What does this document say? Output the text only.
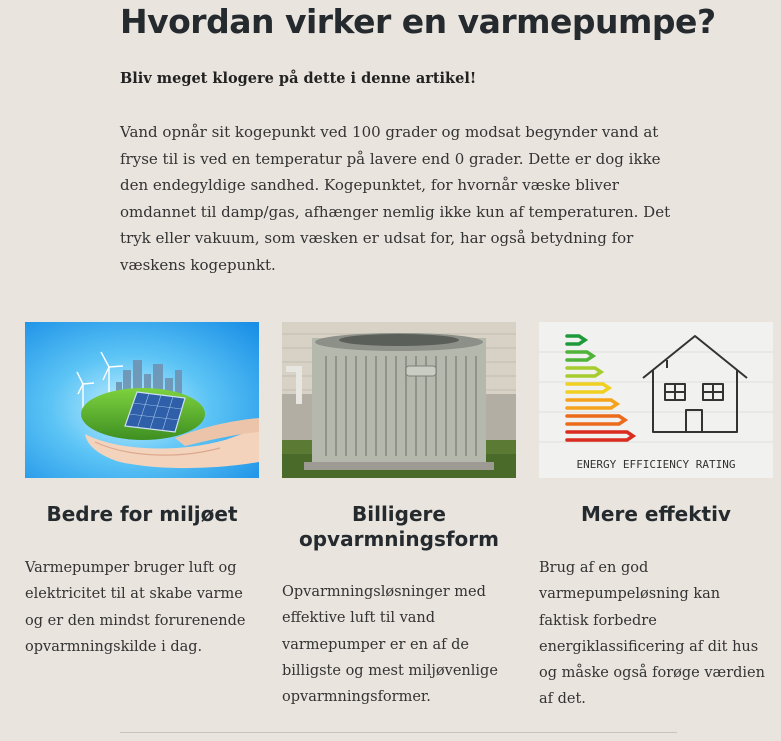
Hvordan virker en varmepumpe?

Bliv meget klogere på dette i denne artikel!

Vand opnår sit kogepunkt ved 100 grader og modsat begynder vand at fryse til is ved en temperatur på lavere end 0 grader. Dette er dog ikke den endegyldige sandhed. Kogepunktet, for hvornår væske bliver omdannet til damp/gas, afhænger nemlig ikke kun af temperaturen. Det tryk eller vakuum, som væsken er udsat for, har også betydning for væskens kogepunkt.

Bedre for miljøet

Varmepumper bruger luft og elektricitet til at skabe varme og er den mindst forurenende opvarmningskilde i dag.

Billigere opvarmningsform

Opvarmningsløsninger med effektive luft til vand varmepumper er en af de billigste og mest miljøvenlige opvarmningsformer.

ENERGY EFFICIENCY RATING
Mere effektiv

Brug af en god varmepumpeløsning kan faktisk forbedre energiklassificering af dit hus og måske også forøge værdien af det.
